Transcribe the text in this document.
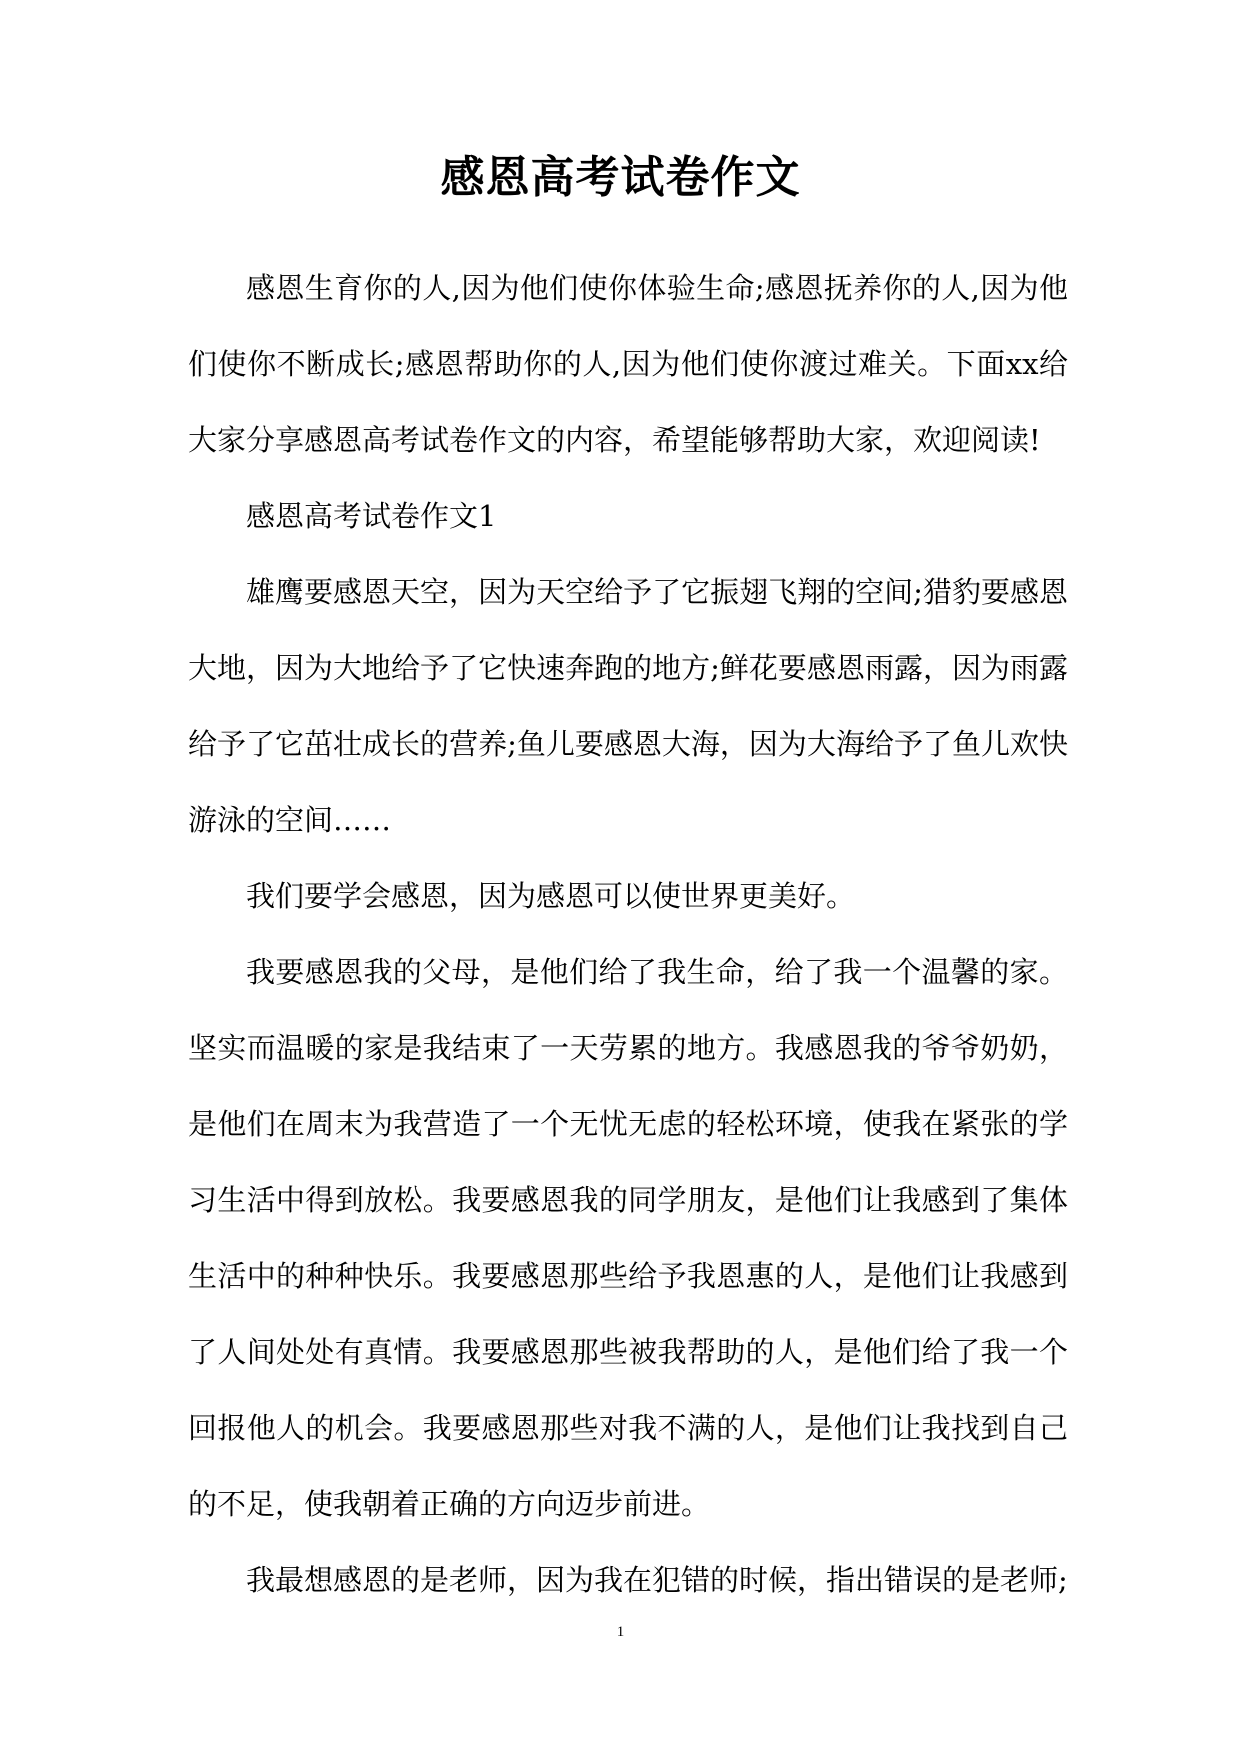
感恩高考试卷作文

感恩生育你的人,因为他们使你体验生命;感恩抚养你的人,因为他们使你不断成长;感恩帮助你的人,因为他们使你渡过难关。下面xx给大家分享感恩高考试卷作文的内容，希望能够帮助大家，欢迎阅读!

感恩高考试卷作文1

雄鹰要感恩天空，因为天空给予了它振翅飞翔的空间;猎豹要感恩大地，因为大地给予了它快速奔跑的地方;鲜花要感恩雨露，因为雨露给予了它茁壮成长的营养;鱼儿要感恩大海，因为大海给予了鱼儿欢快游泳的空间……

我们要学会感恩，因为感恩可以使世界更美好。

我要感恩我的父母，是他们给了我生命，给了我一个温馨的家。坚实而温暖的家是我结束了一天劳累的地方。我感恩我的爷爷奶奶，是他们在周末为我营造了一个无忧无虑的轻松环境，使我在紧张的学习生活中得到放松。我要感恩我的同学朋友，是他们让我感到了集体生活中的种种快乐。我要感恩那些给予我恩惠的人，是他们让我感到了人间处处有真情。我要感恩那些被我帮助的人，是他们给了我一个回报他人的机会。我要感恩那些对我不满的人，是他们让我找到自己的不足，使我朝着正确的方向迈步前进。

我最想感恩的是老师，因为我在犯错的时候，指出错误的是老师;

1
